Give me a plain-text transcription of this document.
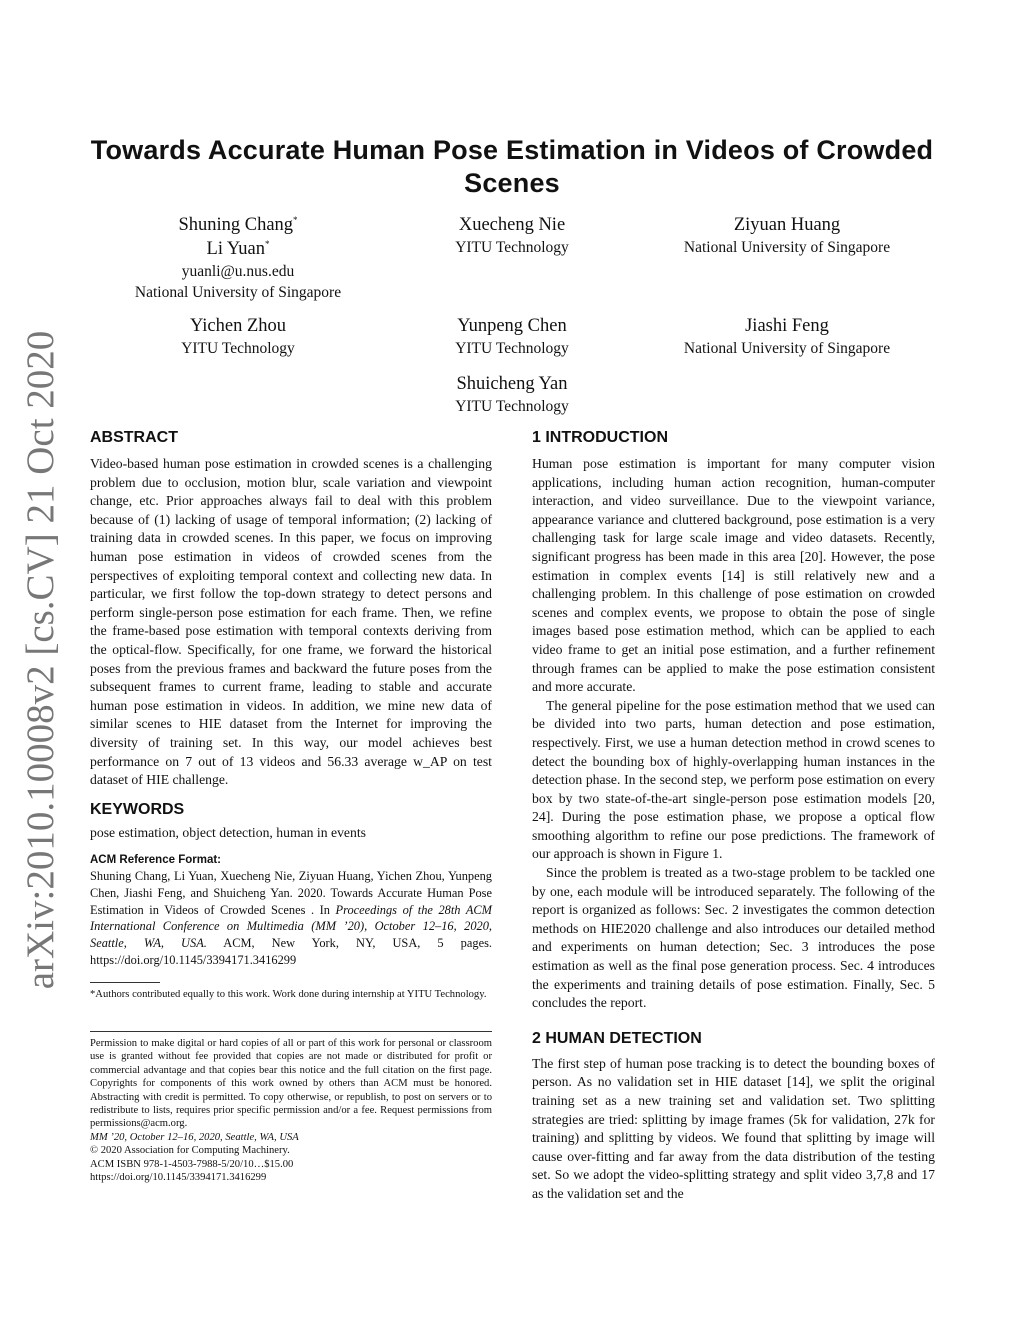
arXiv:2010.10008v2 [cs.CV] 21 Oct 2020
Towards Accurate Human Pose Estimation in Videos of Crowded Scenes
Shuning Chang*
Li Yuan*
yuanli@u.nus.edu
National University of Singapore
Xuecheng Nie
YITU Technology
Ziyuan Huang
National University of Singapore
Yichen Zhou
YITU Technology
Yunpeng Chen
YITU Technology
Jiashi Feng
National University of Singapore
Shuicheng Yan
YITU Technology
ABSTRACT

Video-based human pose estimation in crowded scenes is a challenging problem due to occlusion, motion blur, scale variation and viewpoint change, etc. Prior approaches always fail to deal with this problem because of (1) lacking of usage of temporal information; (2) lacking of training data in crowded scenes. In this paper, we focus on improving human pose estimation in videos of crowded scenes from the perspectives of exploiting temporal context and collecting new data. In particular, we first follow the top-down strategy to detect persons and perform single-person pose estimation for each frame. Then, we refine the frame-based pose estimation with temporal contexts deriving from the optical-flow. Specifically, for one frame, we forward the historical poses from the previous frames and backward the future poses from the subsequent frames to current frame, leading to stable and accurate human pose estimation in videos. In addition, we mine new data of similar scenes to HIE dataset from the Internet for improving the diversity of training set. In this way, our model achieves best performance on 7 out of 13 videos and 56.33 average w_AP on test dataset of HIE challenge.

KEYWORDS

pose estimation, object detection, human in events

ACM Reference Format:

Shuning Chang, Li Yuan, Xuecheng Nie, Ziyuan Huang, Yichen Zhou, Yunpeng Chen, Jiashi Feng, and Shuicheng Yan. 2020. Towards Accurate Human Pose Estimation in Videos of Crowded Scenes . In Proceedings of the 28th ACM International Conference on Multimedia (MM ’20), October 12–16, 2020, Seattle, WA, USA. ACM, New York, NY, USA, 5 pages. https://doi.org/10.1145/3394171.3416299

*Authors contributed equally to this work. Work done during internship at YITU Technology.

Permission to make digital or hard copies of all or part of this work for personal or classroom use is granted without fee provided that copies are not made or distributed for profit or commercial advantage and that copies bear this notice and the full citation on the first page. Copyrights for components of this work owned by others than ACM must be honored. Abstracting with credit is permitted. To copy otherwise, or republish, to post on servers or to redistribute to lists, requires prior specific permission and/or a fee. Request permissions from permissions@acm.org.

MM ’20, October 12–16, 2020, Seattle, WA, USA

© 2020 Association for Computing Machinery.

ACM ISBN 978-1-4503-7988-5/20/10…$15.00

https://doi.org/10.1145/3394171.3416299

1 INTRODUCTION

Human pose estimation is important for many computer vision applications, including human action recognition, human-computer interaction, and video surveillance. Due to the viewpoint variance, appearance variance and cluttered background, pose estimation is a very challenging task for large scale image and video datasets. Recently, significant progress has been made in this area [20]. However, the pose estimation in complex events [14] is still relatively new and a challenging problem. In this challenge of pose estimation on crowded scenes and complex events, we propose to obtain the pose of single images based pose estimation method, which can be applied to each video frame to get an initial pose estimation, and a further refinement through frames can be applied to make the pose estimation consistent and more accurate.

The general pipeline for the pose estimation method that we used can be divided into two parts, human detection and pose estimation, respectively. First, we use a human detection method in crowd scenes to detect the bounding box of highly-overlapping human instances in the detection phase. In the second step, we perform pose estimation on every box by two state-of-the-art single-person pose estimation models [20, 24]. During the pose estimation phase, we propose a optical flow smoothing algorithm to refine our pose predictions. The framework of our approach is shown in Figure 1.

Since the problem is treated as a two-stage problem to be tackled one by one, each module will be introduced separately. The following of the report is organized as follows: Sec. 2 investigates the common detection methods on HIE2020 challenge and also introduces our detailed method and experiments on human detection; Sec. 3 introduces the pose estimation as well as the final pose generation process. Sec. 4 introduces the experiments and training details of pose estimation. Finally, Sec. 5 concludes the report.

2 HUMAN DETECTION

The first step of human pose tracking is to detect the bounding boxes of person. As no validation set in HIE dataset [14], we split the original training set as a new training set and validation set. Two splitting strategies are tried: splitting by image frames (5k for validation, 27k for training) and splitting by videos. We found that splitting by image will cause over-fitting and far away from the data distribution of the testing set. So we adopt the video-splitting strategy and split video 3,7,8 and 17 as the validation set and the
